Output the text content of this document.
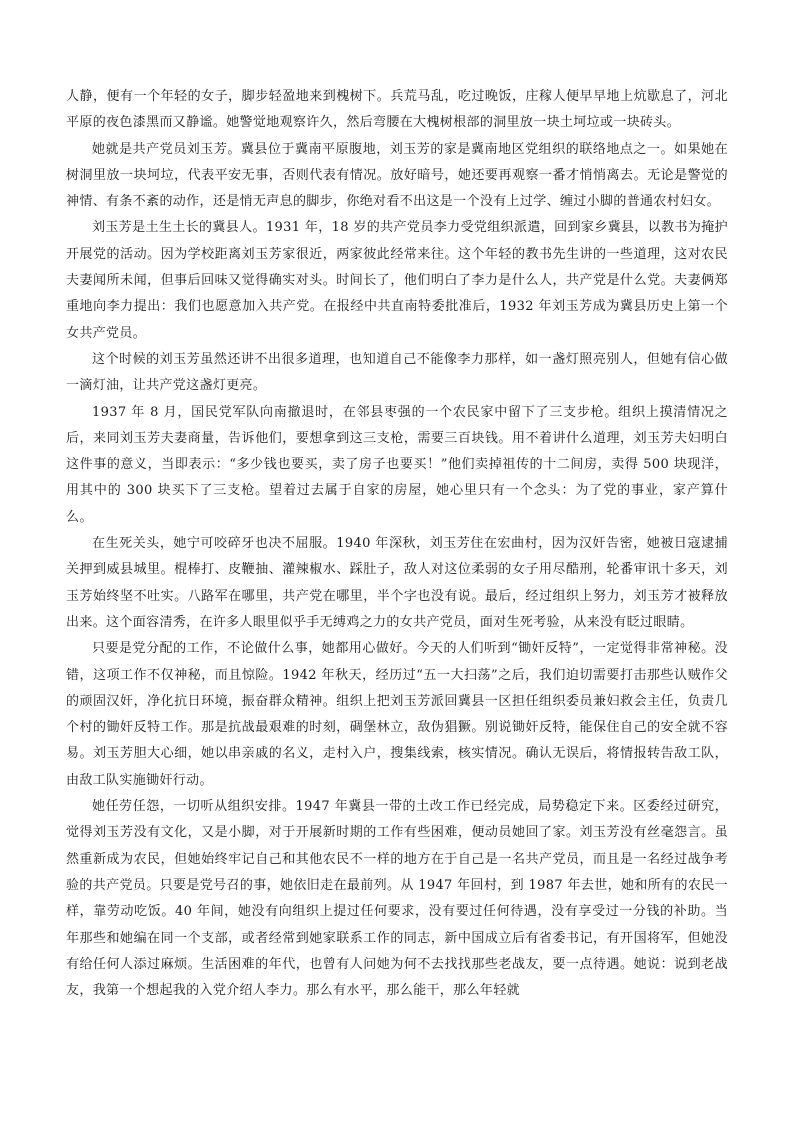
人静，便有一个年轻的女子，脚步轻盈地来到槐树下。兵荒马乱，吃过晚饭，庄稼人便早早地上炕歇息了，河北平原的夜色漆黑而又静谧。她警觉地观察许久，然后弯腰在大槐树根部的洞里放一块土坷垃或一块砖头。

她就是共产党员刘玉芳。冀县位于冀南平原腹地，刘玉芳的家是冀南地区党组织的联络地点之一。如果她在树洞里放一块坷垃，代表平安无事，否则代表有情况。放好暗号，她还要再观察一番才悄悄离去。无论是警觉的神情、有条不紊的动作，还是悄无声息的脚步，你绝对看不出这是一个没有上过学、缠过小脚的普通农村妇女。

刘玉芳是土生土长的冀县人。1931 年，18 岁的共产党员李力受党组织派遣，回到家乡冀县，以教书为掩护开展党的活动。因为学校距离刘玉芳家很近，两家彼此经常来往。这个年轻的教书先生讲的一些道理，这对农民夫妻闻所未闻，但事后回味又觉得确实对头。时间长了，他们明白了李力是什么人，共产党是什么党。夫妻俩郑重地向李力提出：我们也愿意加入共产党。在报经中共直南特委批准后，1932 年刘玉芳成为冀县历史上第一个女共产党员。

这个时候的刘玉芳虽然还讲不出很多道理，也知道自己不能像李力那样，如一盏灯照亮别人，但她有信心做一滴灯油，让共产党这盏灯更亮。

1937 年 8 月，国民党军队向南撤退时，在邻县枣强的一个农民家中留下了三支步枪。组织上摸清情况之后，来同刘玉芳夫妻商量，告诉他们，要想拿到这三支枪，需要三百块钱。用不着讲什么道理，刘玉芳夫妇明白这件事的意义，当即表示：“多少钱也要买，卖了房子也要买！”他们卖掉祖传的十二间房，卖得 500 块现洋，用其中的 300 块买下了三支枪。望着过去属于自家的房屋，她心里只有一个念头：为了党的事业，家产算什么。

在生死关头，她宁可咬碎牙也决不屈服。1940 年深秋，刘玉芳住在宏曲村，因为汉奸告密，她被日寇逮捕关押到威县城里。棍棒打、皮鞭抽、灌辣椒水、踩肚子，敌人对这位柔弱的女子用尽酷刑，轮番审讯十多天，刘玉芳始终坚不吐实。八路军在哪里，共产党在哪里，半个字也没有说。最后，经过组织上努力，刘玉芳才被释放出来。这个面容清秀，在许多人眼里似乎手无缚鸡之力的女共产党员，面对生死考验，从来没有眨过眼睛。

只要是党分配的工作，不论做什么事，她都用心做好。今天的人们听到“锄奸反特”，一定觉得非常神秘。没错，这项工作不仅神秘，而且惊险。1942 年秋天，经历过“五一大扫荡”之后，我们迫切需要打击那些认贼作父的顽固汉奸，净化抗日环境，振奋群众精神。组织上把刘玉芳派回冀县一区担任组织委员兼妇救会主任，负责几个村的锄奸反特工作。那是抗战最艰难的时刻，碉堡林立，敌伪猖獗。别说锄奸反特，能保住自己的安全就不容易。刘玉芳胆大心细，她以串亲戚的名义，走村入户，搜集线索，核实情况。确认无误后，将情报转告敌工队，由敌工队实施锄奸行动。

她任劳任怨，一切听从组织安排。1947 年冀县一带的土改工作已经完成，局势稳定下来。区委经过研究，觉得刘玉芳没有文化，又是小脚，对于开展新时期的工作有些困难，便动员她回了家。刘玉芳没有丝毫怨言。虽然重新成为农民，但她始终牢记自己和其他农民不一样的地方在于自己是一名共产党员，而且是一名经过战争考验的共产党员。只要是党号召的事，她依旧走在最前列。从 1947 年回村，到 1987 年去世，她和所有的农民一样，靠劳动吃饭。40 年间，她没有向组织上提过任何要求，没有要过任何待遇，没有享受过一分钱的补助。当年那些和她编在同一个支部，或者经常到她家联系工作的同志，新中国成立后有省委书记，有开国将军，但她没有给任何人添过麻烦。生活困难的年代，也曾有人问她为何不去找找那些老战友，要一点待遇。她说：说到老战友，我第一个想起我的入党介绍人李力。那么有水平，那么能干，那么年轻就
